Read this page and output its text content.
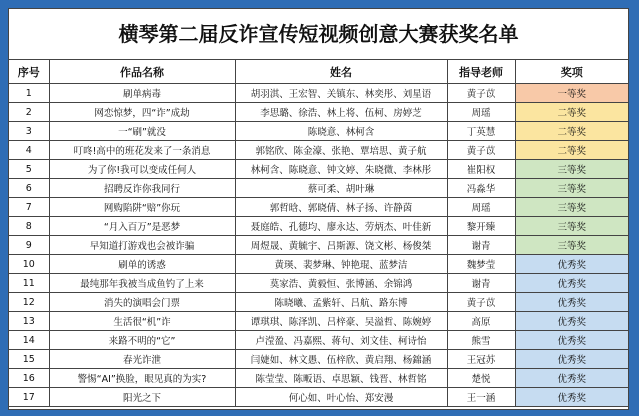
横琴第二届反诈宣传短视频创意大赛获奖名单
序号	作品名称	姓名	指导老师	奖项
1	刷单病毒	胡羽淇、王宏智、关镇东、林奕彤、刘星语	黄子苡	一等奖
2	网恋惊梦，四“诈”成劫	李思璐、徐浩、林上将、伍柯、房婷芝	周瑶	二等奖
3	一“刷”就没	陈晓意、林柯含	丁英慧	二等奖
4	叮咚!高中的班花发来了一条消息	郭铭欣、陈金濠、张艳、覃培思、黄子航	黄子苡	二等奖
5	为了你!我可以变成任何人	林柯含、陈晓意、钟文婷、朱晓微、李林彤	崔阳权	三等奖
6	招聘反诈你我同行	蔡可柔、胡叶琳	冯淼华	三等奖
7	网购陷阱“赔”你玩	郭哲晗、郭晓倩、林子扬、许静茵	周瑶	三等奖
8	“月入百万”是恶梦	聂庭皓、孔德均、廖永达、劳炳杰、叶佳新	黎开臻	三等奖
9	早知道打游戏也会被诈骗	周煜晟、黄毓宇、吕斯源、饶文彬、杨俊桀	谢青	三等奖
10	刷单的诱惑	黄瑛、裴梦琳、钟艳琨、蓝梦洁	魏梦莹	优秀奖
11	最纯那年我被当成鱼钓了上来	莫家浩、黄毅恒、张博涵、余锦鸿	谢青	优秀奖
12	消失的演唱会门票	陈晓曦、孟紫轩、吕航、路东博	黄子苡	优秀奖
13	生活很“机”诈	谭琪琪、陈泽凯、吕梓豪、吴溢哲、陈婉婷	高原	优秀奖
14	来路不明的“它”	卢滢盈、冯嘉熙、蒋句、刘文佳、柯诗怡	熊雪	优秀奖
15	春光诈泄	闫婕如、林文愚、伍梓欣、黄启翔、杨錦涵	王冠苏	优秀奖
16	警惕“AI”换脸，眼见真的为实?	陈莹莹、陈畈语、卓思颖、钱晋、林哲铭	楚悦	优秀奖
17	阳光之下	何心如、叶心怡、郑安漫	王一涵	优秀奖
